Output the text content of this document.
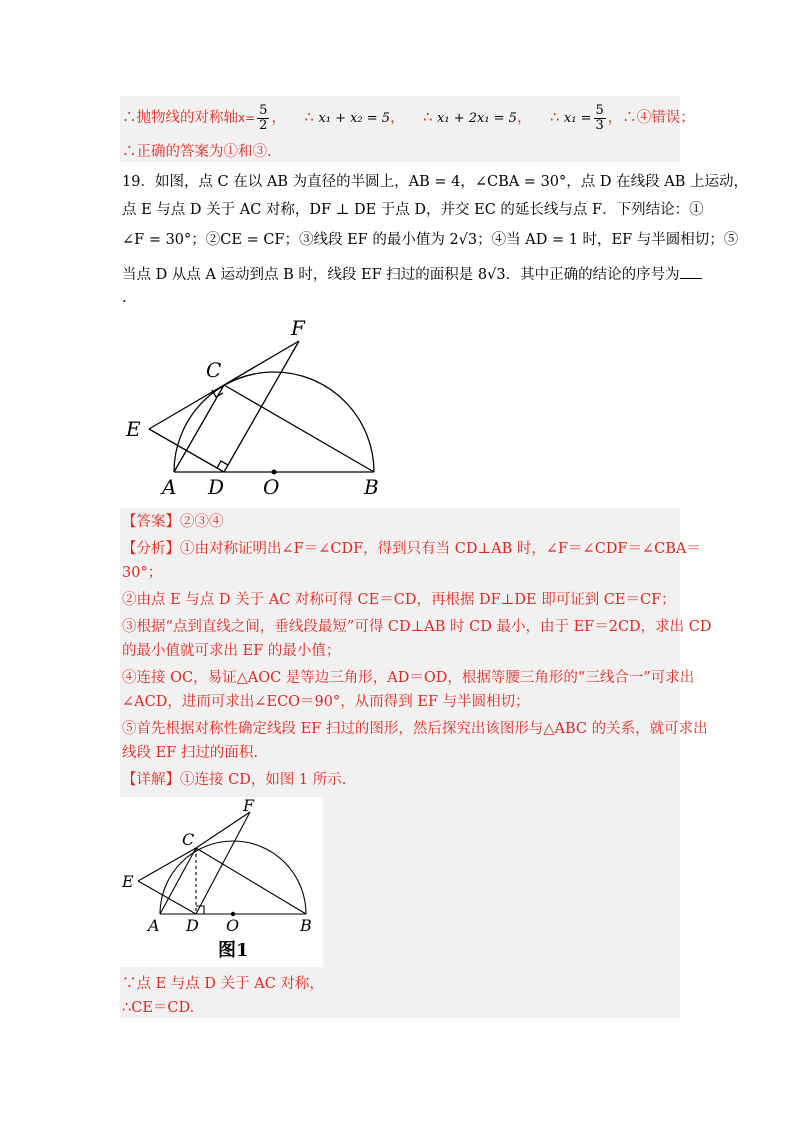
∴抛物线的对称轴$x= \frac{5}{2}$ ， ∴ x₁ + x₂ = 5， ∴ x₁ + 2x₁ = 5， ∴ $x_1 = \frac{5}{3}$ ，∴④错误；
∴正确的答案为①和③.
19．如图，点 C 在以 AB 为直径的半圆上，AB = 4，∠CBA = 30°，点 D 在线段 AB 上运动，
点 E 与点 D 关于 AC 对称，DF ⊥ DE 于点 D，并交 EC 的延长线与点 F．下列结论：①
∠F = 30°；②CE = CF；③线段 EF 的最小值为 2√3；④当 AD = 1 时，EF 与半圆相切；⑤
当点 D 从点 A 运动到点 B 时，线段 EF 扫过的面积是 8√3．其中正确的结论的序号为
.
F
C
E
A D O	B
【答案】②③④
【分析】①由对称证明出∠F＝∠CDF，得到只有当 CD⊥AB 时，∠F＝∠CDF＝∠CBA＝
30°；
②由点 E 与点 D 关于 AC 对称可得 CE＝CD，再根据 DF⊥DE 即可证到 CE＝CF；
③根据“点到直线之间，垂线段最短”可得 CD⊥AB 时 CD 最小，由于 EF＝2CD，求出 CD
的最小值就可求出 EF 的最小值；
④连接 OC，易证△AOC 是等边三角形，AD＝OD，根据等腰三角形的“三线合一”可求出
∠ACD，进而可求出∠ECO＝90°，从而得到 EF 与半圆相切；
⑤首先根据对称性确定线段 EF 扫过的图形，然后探究出该图形与△ABC 的关系，就可求出
线段 EF 扫过的面积.
【详解】①连接 CD，如图 1 所示.
F
C
E
A D O	B
图1
∵点 E 与点 D 关于 AC 对称，
∴CE＝CD.
